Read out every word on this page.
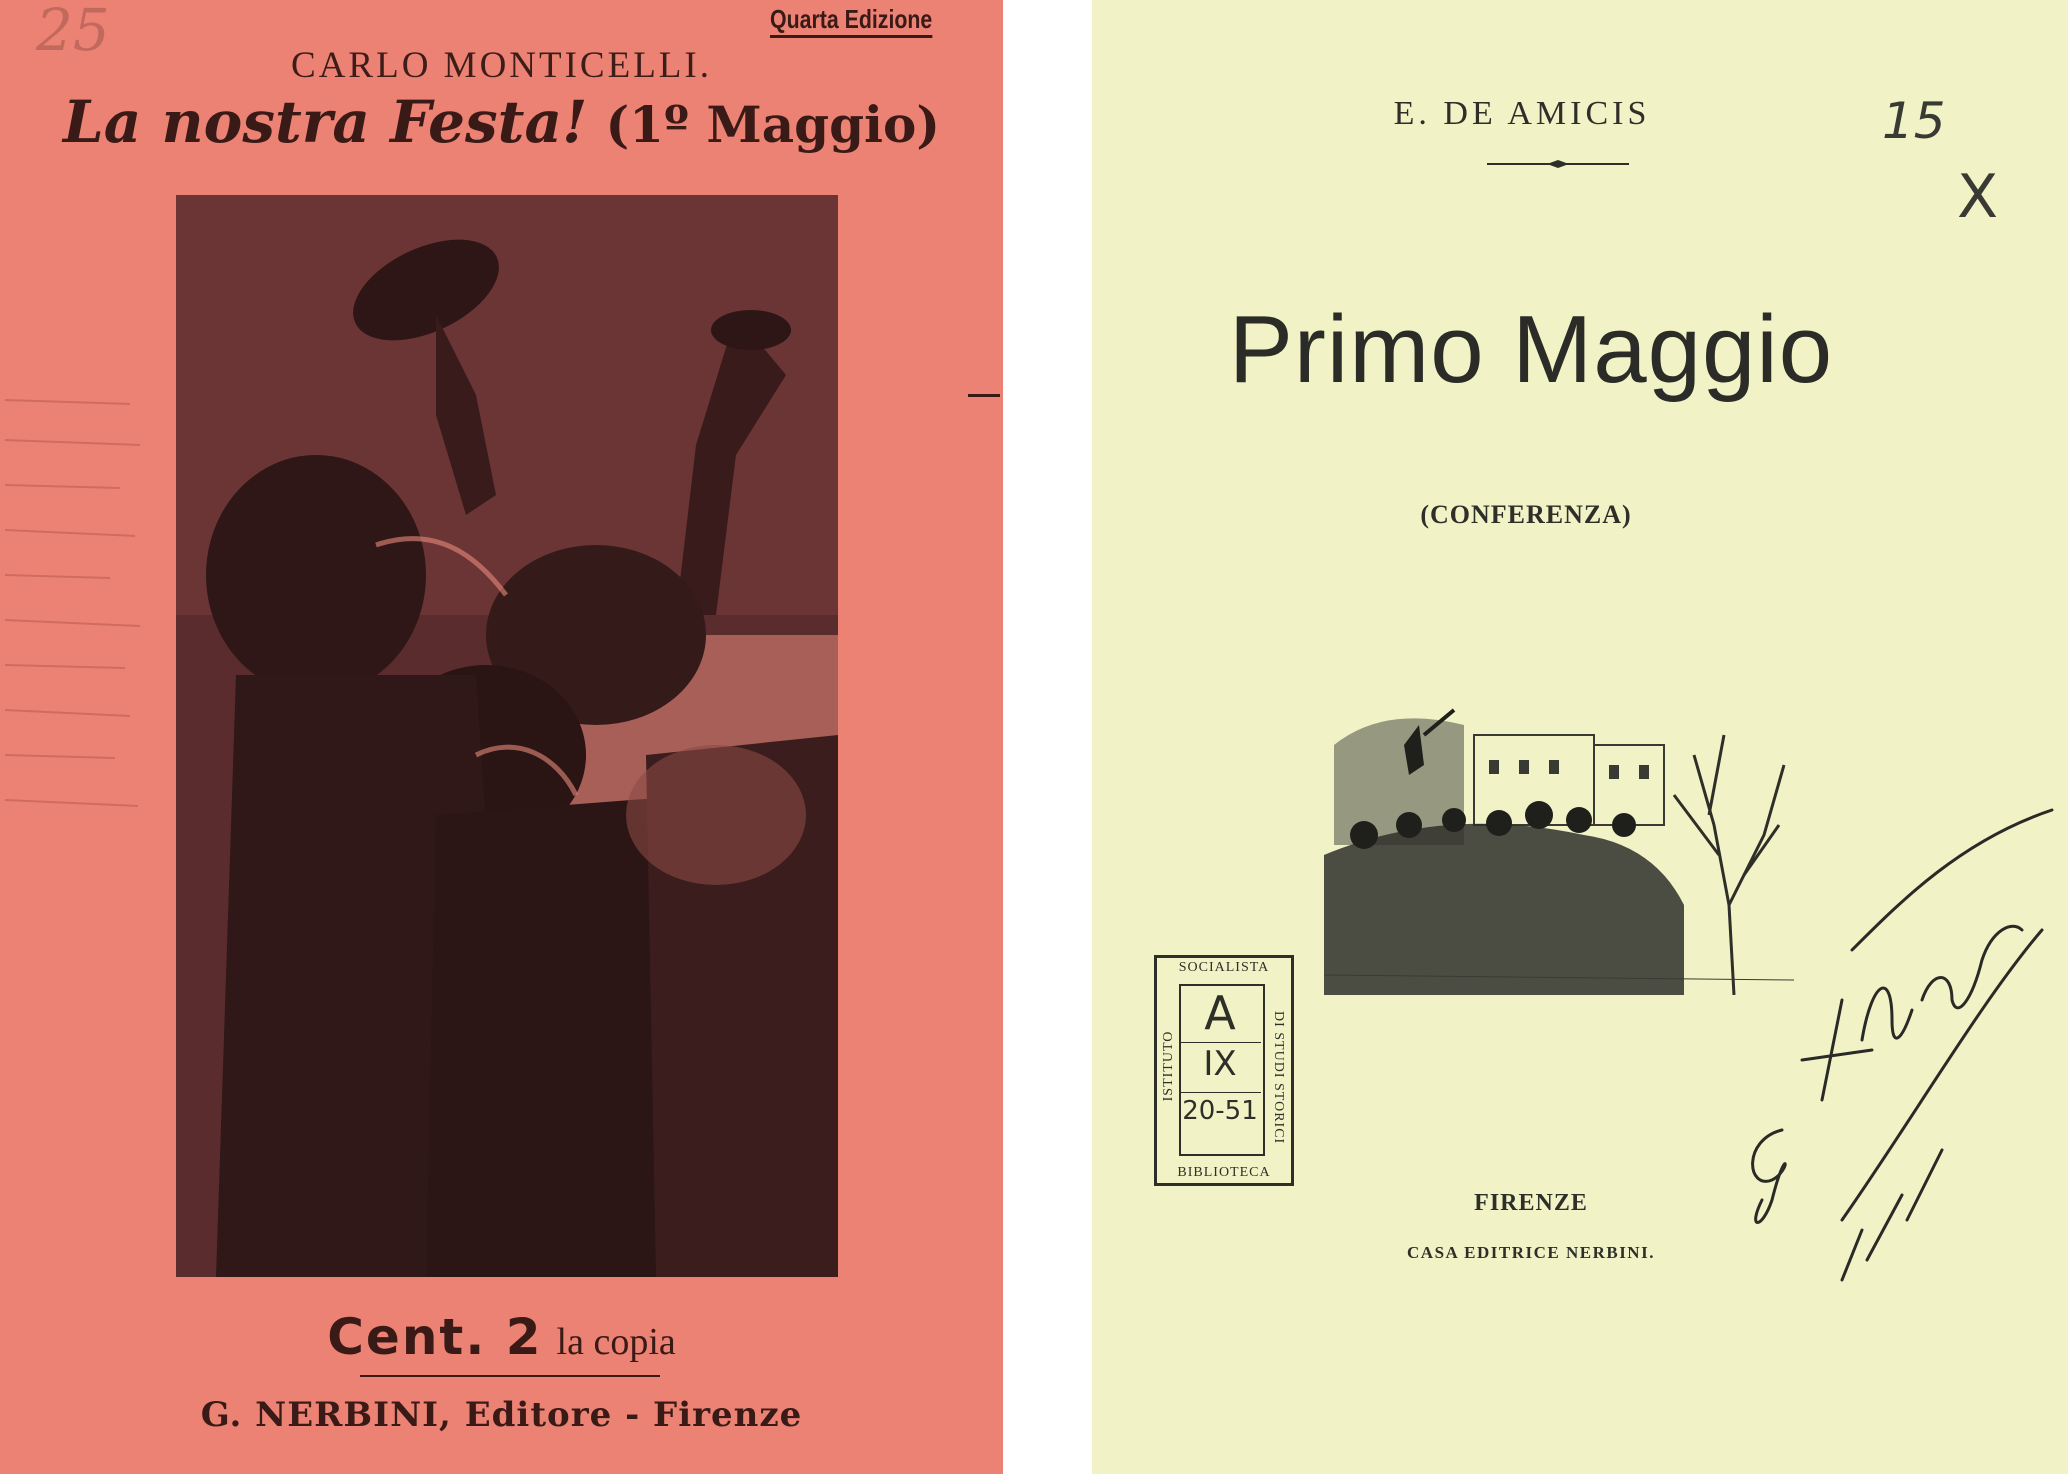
25	Quarta Edizione
CARLO MONTICELLI.
La nostra Festa! (1º Maggio)
Cent. 2 la copia
G. NERBINI, Editore - Firenze
E. DE AMICIS	15
X
Primo Maggio
(CONFERENZA)
SOCIALISTA
ISTITUTO	DI STUDI STORICI
BIBLIOTECA
A
IX
20-51
FIRENZE
CASA EDITRICE NERBINI.
